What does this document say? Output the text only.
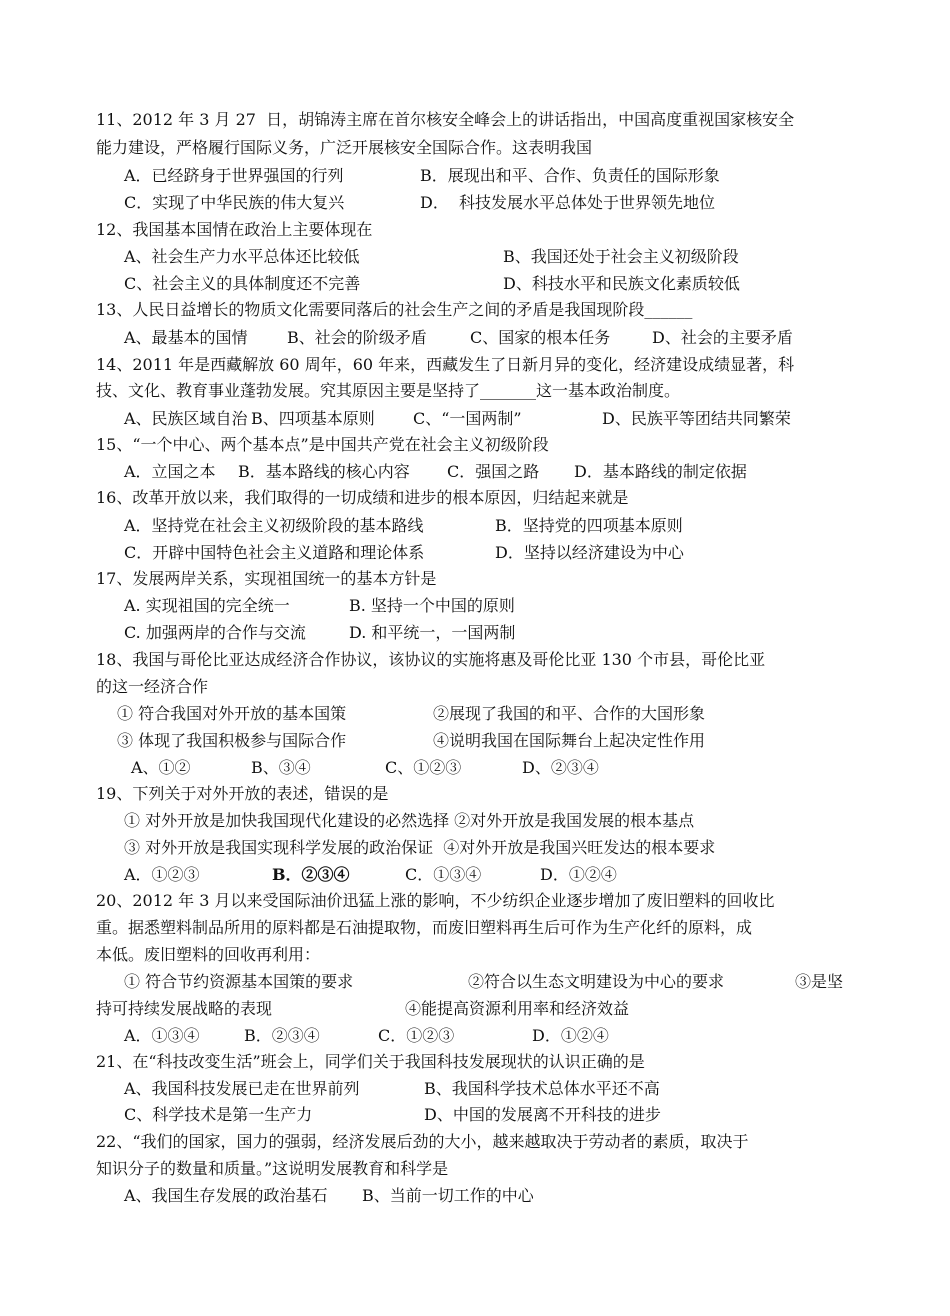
11、2012 年 3 月 27  日，胡锦涛主席在首尔核安全峰会上的讲话指出，中国高度重视国家核安全
能力建设，严格履行国际义务，广泛开展核安全国际合作。这表明我国
A．已经跻身于世界强国的行列	B．展现出和平、合作、负责任的国际形象
C．实现了中华民族的伟大复兴	D．  科技发展水平总体处于世界领先地位
12、我国基本国情在政治上主要体现在
A、社会生产力水平总体还比较低	B、我国还处于社会主义初级阶段
C、社会主义的具体制度还不完善	D、科技水平和民族文化素质较低
13、人民日益增长的物质文化需要同落后的社会生产之间的矛盾是我国现阶段______
A、最基本的国情 B、社会的阶级矛盾	C、国家的根本任务	D、社会的主要矛盾
14、2011 年是西藏解放 60 周年，60 年来，西藏发生了日新月异的变化，经济建设成绩显著，科
技、文化、教育事业蓬勃发展。究其原因主要是坚持了_______这一基本政治制度。
A、民族区域自治 B、四项基本原则 C、“一国两制”	D、民族平等团结共同繁荣
15、“一个中心、两个基本点”是中国共产党在社会主义初级阶段
A．立国之本 B．基本路线的核心内容 C．强国之路 D．基本路线的制定依据
16、改革开放以来，我们取得的一切成绩和进步的根本原因，归结起来就是
A．坚持党在社会主义初级阶段的基本路线	B．坚持党的四项基本原则
C．开辟中国特色社会主义道路和理论体系	D．坚持以经济建设为中心
17、发展两岸关系，实现祖国统一的基本方针是
A. 实现祖国的完全统一	B. 坚持一个中国的原则
C. 加强两岸的合作与交流	D. 和平统一，一国两制
18、我国与哥伦比亚达成经济合作协议，该协议的实施将惠及哥伦比亚 130 个市县，哥伦比亚
的这一经济合作
① 符合我国对外开放的基本国策	②展现了我国的和平、合作的大国形象
③ 体现了我国积极参与国际合作	④说明我国在国际舞台上起决定性作用
A、①②	B、③④	C、①②③	D、②③④
19、下列关于对外开放的表述，错误的是
① 对外开放是加快我国现代化建设的必然选择 ②对外开放是我国发展的根本基点
③ 对外开放是我国实现科学发展的政治保证  ④对外开放是我国兴旺发达的根本要求
A．①②③	B．②③④	C．①③④	D．①②④
20、2012 年 3 月以来受国际油价迅猛上涨的影响，不少纺织企业逐步增加了废旧塑料的回收比
重。据悉塑料制品所用的原料都是石油提取物，而废旧塑料再生后可作为生产化纤的原料，成
本低。废旧塑料的回收再利用：
① 符合节约资源基本国策的要求	②符合以生态文明建设为中心的要求	③是坚
持可持续发展战略的表现	④能提高资源利用率和经济效益
A．①③④	B．②③④	C．①②③	D．①②④
21、在“科技改变生活”班会上，同学们关于我国科技发展现状的认识正确的是
A、我国科技发展已走在世界前列	B、我国科学技术总体水平还不高
C、科学技术是第一生产力	D、中国的发展离不开科技的进步
22、“我们的国家，国力的强弱，经济发展后劲的大小，越来越取决于劳动者的素质，取决于
知识分子的数量和质量。”这说明发展教育和科学是
A、我国生存发展的政治基石 B、当前一切工作的中心
